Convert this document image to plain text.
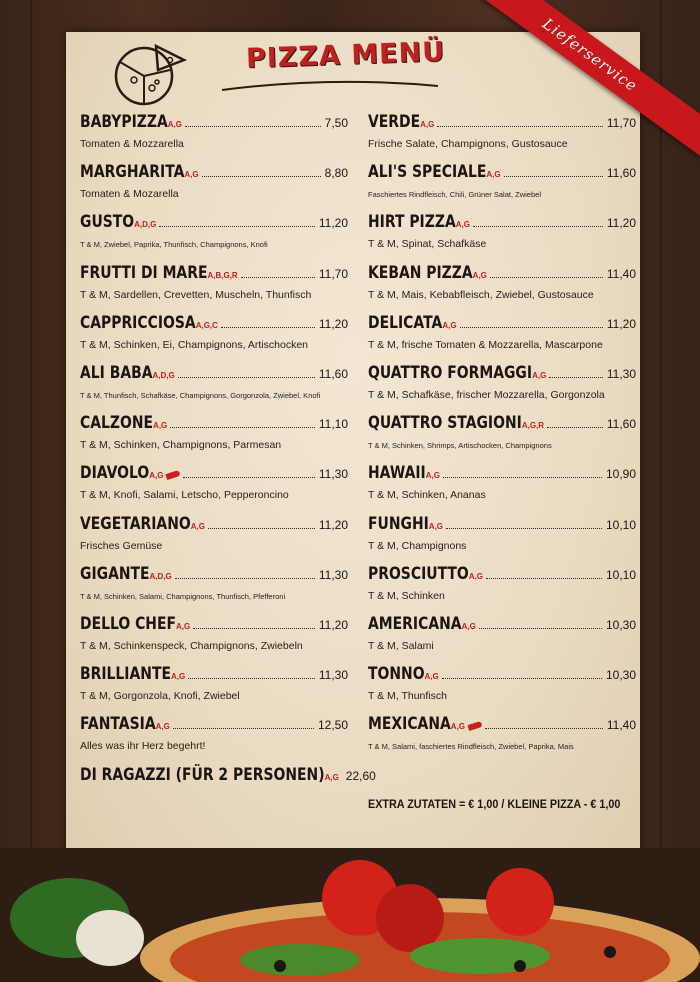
PIZZA MENÜ	Lieferservice
BABYPIZZA A,G	7,50
Tomaten & Mozzarella
MARGHARITA A,G	8,80
Tomaten & Mozarella
GUSTO A,D,G	11,20
T & M, Zwiebel, Paprika, Thunfisch, Champignons, Knofi
FRUTTI DI MARE A,B,G,R	11,70
T & M, Sardellen, Crevetten, Muscheln, Thunfisch
CAPPRICCIOSA A,G,C	11,20
T & M, Schinken, Ei, Champignons, Artischocken
ALI BABA A,D,G	11,60
T & M, Thunfisch, Schafkäse, Champignons, Gorgonzola, Zwiebel, Knofi
CALZONE A,G	11,10
T & M, Schinken, Champignons, Parmesan
DIAVOLO A,G	11,30
T & M, Knofi, Salami, Letscho, Pepperoncino
VEGETARIANO A,G	11,20
Frisches Gemüse
GIGANTE A,D,G	11,30
T & M, Schinken, Salami, Champignons, Thunfisch, Pfefferoni
DELLO CHEF A,G	11,20
T & M, Schinkenspeck, Champignons, Zwiebeln
BRILLIANTE A,G	11,30
T & M, Gorgonzola, Knofi, Zwiebel
FANTASIA A,G	12,50
Alles was ihr Herz begehrt!
DI RAGAZZI (FÜR 2 PERSONEN) A,G 22,60
VERDE A,G	11,70
Frische Salate, Champignons, Gustosauce
ALI'S SPECIALE A,G	11,60
Faschiertes Rindfleisch, Chili, Grüner Salat, Zwiebel
HIRT PIZZA A,G	11,20
T & M, Spinat, Schafkäse
KEBAN PIZZA A,G	11,40
T & M, Mais, Kebabfleisch, Zwiebel, Gustosauce
DELICATA A,G	11,20
T & M, frische Tomaten & Mozzarella, Mascarpone
QUATTRO FORMAGGI A,G	11,30
T & M, Schafkäse, frischer Mozzarella, Gorgonzola
QUATTRO STAGIONI A,G,R	11,60
T & M, Schinken, Shrimps, Artischocken, Champignons
HAWAII A,G	10,90
T & M, Schinken, Ananas
FUNGHI A,G	10,10
T & M, Champignons
PROSCIUTTO A,G	10,10
T & M, Schinken
AMERICANA A,G	10,30
T & M, Salami
TONNO A,G	10,30
T & M, Thunfisch
MEXICANA A,G	11,40
T & M, Salami, faschiertes Rindfleisch, Zwiebel, Paprika, Mais
EXTRA ZUTATEN = € 1,00 / KLEINE PIZZA - € 1,00
